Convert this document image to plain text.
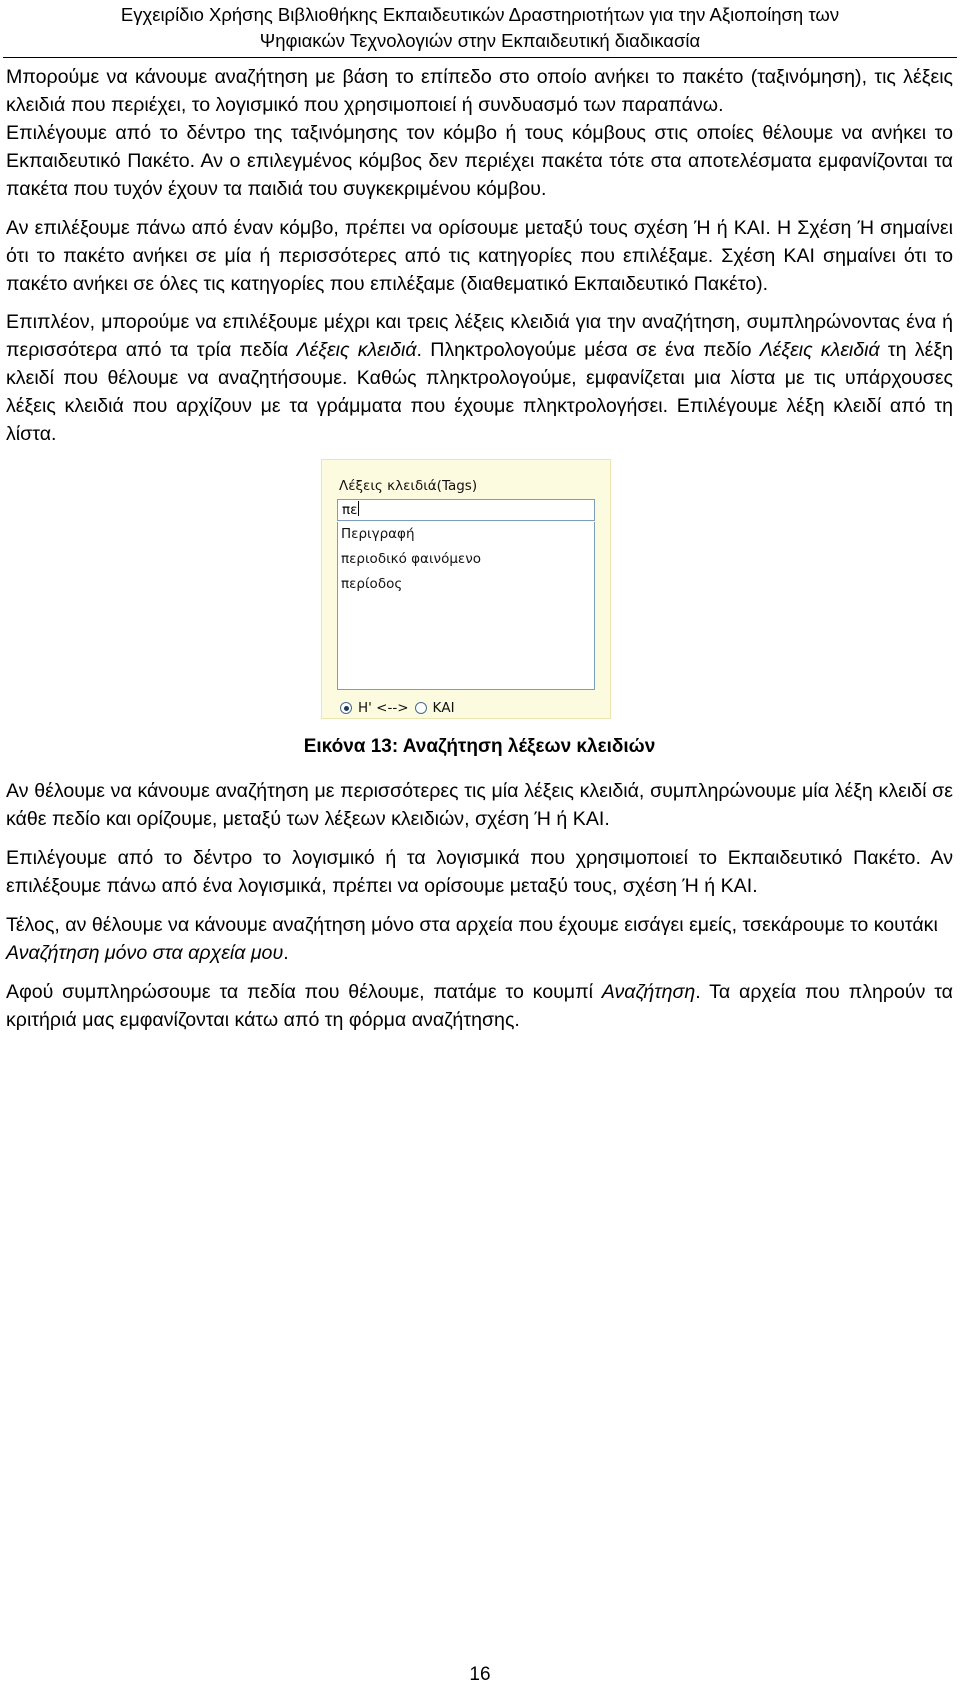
Εγχειρίδιο Χρήσης Βιβλιοθήκης Εκπαιδευτικών Δραστηριοτήτων για την Αξιοποίηση των
Ψηφιακών Τεχνολογιών στην Εκπαιδευτική διαδικασία

Μπορούμε να κάνουμε αναζήτηση με βάση το επίπεδο στο οποίο ανήκει το πακέτο (ταξινόμηση), τις λέξεις κλειδιά που περιέχει, το λογισμικό που χρησιμοποιεί ή συνδυασμό των παραπάνω.

Επιλέγουμε από το δέντρο της ταξινόμησης τον κόμβο ή τους κόμβους στις οποίες θέλουμε να ανήκει το Εκπαιδευτικό Πακέτο. Αν ο επιλεγμένος κόμβος δεν περιέχει πακέτα τότε στα αποτελέσματα εμφανίζονται τα πακέτα που τυχόν έχουν τα παιδιά του συγκεκριμένου κόμβου.

Αν επιλέξουμε πάνω από έναν κόμβο, πρέπει να ορίσουμε μεταξύ τους σχέση Ή ή ΚΑΙ. Η Σχέση Ή σημαίνει ότι το πακέτο ανήκει σε μία ή περισσότερες από τις κατηγορίες που επιλέξαμε. Σχέση ΚΑΙ σημαίνει ότι το πακέτο ανήκει σε όλες τις κατηγορίες που επιλέξαμε (διαθεματικό Εκπαιδευτικό Πακέτο).

Επιπλέον, μπορούμε να επιλέξουμε μέχρι και τρεις λέξεις κλειδιά για την αναζήτηση, συμπληρώνοντας ένα ή περισσότερα από τα τρία πεδία Λέξεις κλειδιά. Πληκτρολογούμε μέσα σε ένα πεδίο Λέξεις κλειδιά τη λέξη κλειδί που θέλουμε να αναζητήσουμε. Καθώς πληκτρολογούμε, εμφανίζεται μια λίστα με τις υπάρχουσες λέξεις κλειδιά που αρχίζουν με τα γράμματα που έχουμε πληκτρολογήσει. Επιλέγουμε λέξη κλειδί από τη λίστα.

Λέξεις κλειδιά(Tags)
πε
Περιγραφή
περιοδικό φαινόμενο
περίοδος
Η' <--> ΚΑΙ
Εικόνα 13: Αναζήτηση λέξεων κλειδιών

Αν θέλουμε να κάνουμε αναζήτηση με περισσότερες τις μία λέξεις κλειδιά, συμπληρώνουμε μία λέξη κλειδί σε κάθε πεδίο και ορίζουμε, μεταξύ των λέξεων κλειδιών, σχέση Ή ή ΚΑΙ.

Επιλέγουμε από το δέντρο το λογισμικό ή τα λογισμικά που χρησιμοποιεί το Εκπαιδευτικό Πακέτο. Αν επιλέξουμε πάνω από ένα λογισμικά, πρέπει να ορίσουμε μεταξύ τους, σχέση Ή ή ΚΑΙ.

Τέλος, αν θέλουμε να κάνουμε αναζήτηση μόνο στα αρχεία που έχουμε εισάγει εμείς, τσεκάρουμε το κουτάκι Αναζήτηση μόνο στα αρχεία μου.

Αφού συμπληρώσουμε τα πεδία που θέλουμε, πατάμε το κουμπί Αναζήτηση. Τα αρχεία που πληρούν τα κριτήριά μας εμφανίζονται κάτω από τη φόρμα αναζήτησης.

16
